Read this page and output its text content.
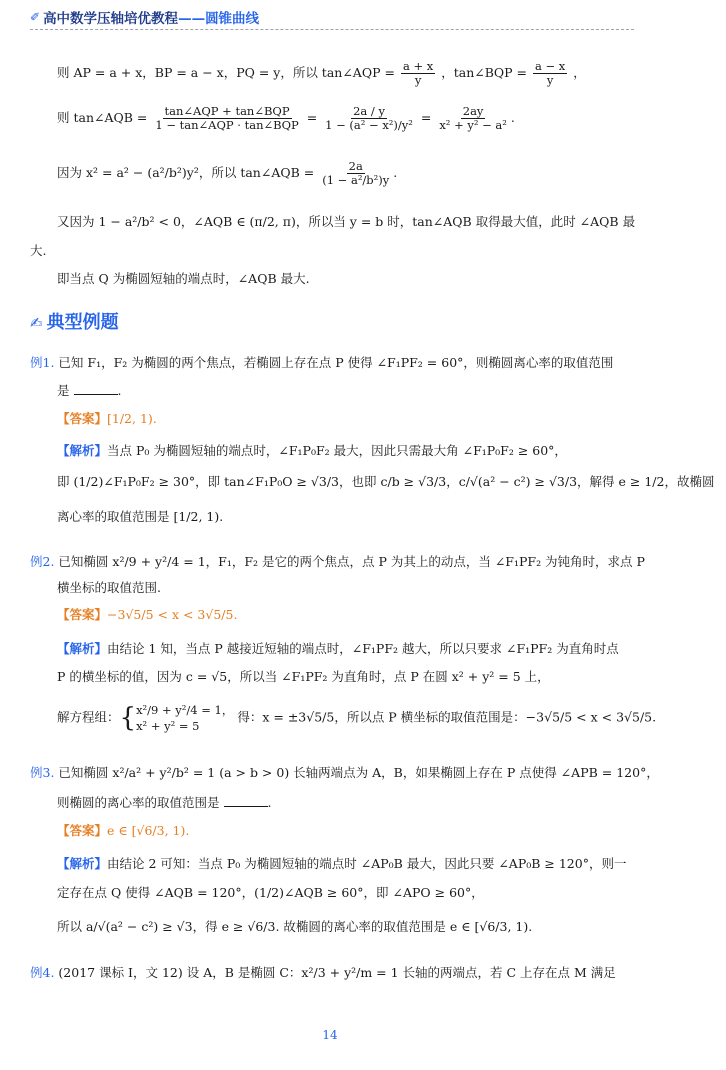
✐ 高中数学压轴培优教程 ——圆锥曲线
则 AP = a + x，BP = a − x，PQ = y，所以 tan∠AQP = $\frac{a + x}{y}$ ，tan∠BQP = $\frac{a - x}{y}$ ，
则 tan∠AQB = $\frac{\text{tan∠AQP + tan∠BQP}}{\text{1 − tan∠AQP · tan∠BQP}} = \frac{2a / y}{\text{1 − (a² − x²)/y²}} = \frac{2ay}{\text{x² + y² − a²}}$ .
因为 x² = a² − (a²/b²)y²，所以 tan∠AQB = $\frac{2a}{\text{(1 − a²/b²)y}}$ .
又因为 1 − a²/b² < 0，∠AQB ∈ (π/2, π)，所以当 y = b 时，tan∠AQB 取得最大值，此时 ∠AQB 最
大.
即当点 Q 为椭圆短轴的端点时，∠AQB 最大.
✍ 典型例题
例1. 已知 F₁，F₂ 为椭圆的两个焦点，若椭圆上存在点 P 使得 ∠F₁PF₂ = 60°，则椭圆离心率的取值范围
是	.
【答案】[1/2, 1).
【解析】当点 P₀ 为椭圆短轴的端点时，∠F₁P₀F₂ 最大，因此只需最大角 ∠F₁P₀F₂ ≥ 60°，
即 (1/2)∠F₁P₀F₂ ≥ 30°，即 tan∠F₁P₀O ≥ √3/3，也即 c/b ≥ √3/3，c/√(a² − c²) ≥ √3/3，解得 e ≥ 1/2，故椭圆
离心率的取值范围是 [1/2, 1).
例2. 已知椭圆 x²/9 + y²/4 = 1，F₁，F₂ 是它的两个焦点，点 P 为其上的动点，当 ∠F₁PF₂ 为钝角时，求点 P
横坐标的取值范围.
【答案】−3√5/5 < x < 3√5/5.
【解析】由结论 1 知，当点 P 越接近短轴的端点时，∠F₁PF₂ 越大，所以只要求 ∠F₁PF₂ 为直角时点
P 的横坐标的值，因为 c = √5，所以当 ∠F₁PF₂ 为直角时，点 P 在圆 x² + y² = 5 上，
解方程组：{ x²/9 + y²/4 = 1，
x² + y² = 5
得：x = ±3√5/5，所以点 P 横坐标的取值范围是：−3√5/5 < x < 3√5/5.
例3. 已知椭圆 x²/a² + y²/b² = 1 (a > b > 0) 长轴两端点为 A，B，如果椭圆上存在 P 点使得 ∠APB = 120°，
则椭圆的离心率的取值范围是	.
【答案】e ∈ [√6/3, 1).
【解析】由结论 2 可知：当点 P₀ 为椭圆短轴的端点时 ∠AP₀B 最大，因此只要 ∠AP₀B ≥ 120°，则一
定存在点 Q 使得 ∠AQB = 120°，(1/2)∠AQB ≥ 60°，即 ∠APO ≥ 60°，
所以 a/√(a² − c²) ≥ √3，得 e ≥ √6/3. 故椭圆的离心率的取值范围是 e ∈ [√6/3, 1).
例4. (2017 课标 Ⅰ，文 12) 设 A，B 是椭圆 C：x²/3 + y²/m = 1 长轴的两端点，若 C 上存在点 M 满足
14
